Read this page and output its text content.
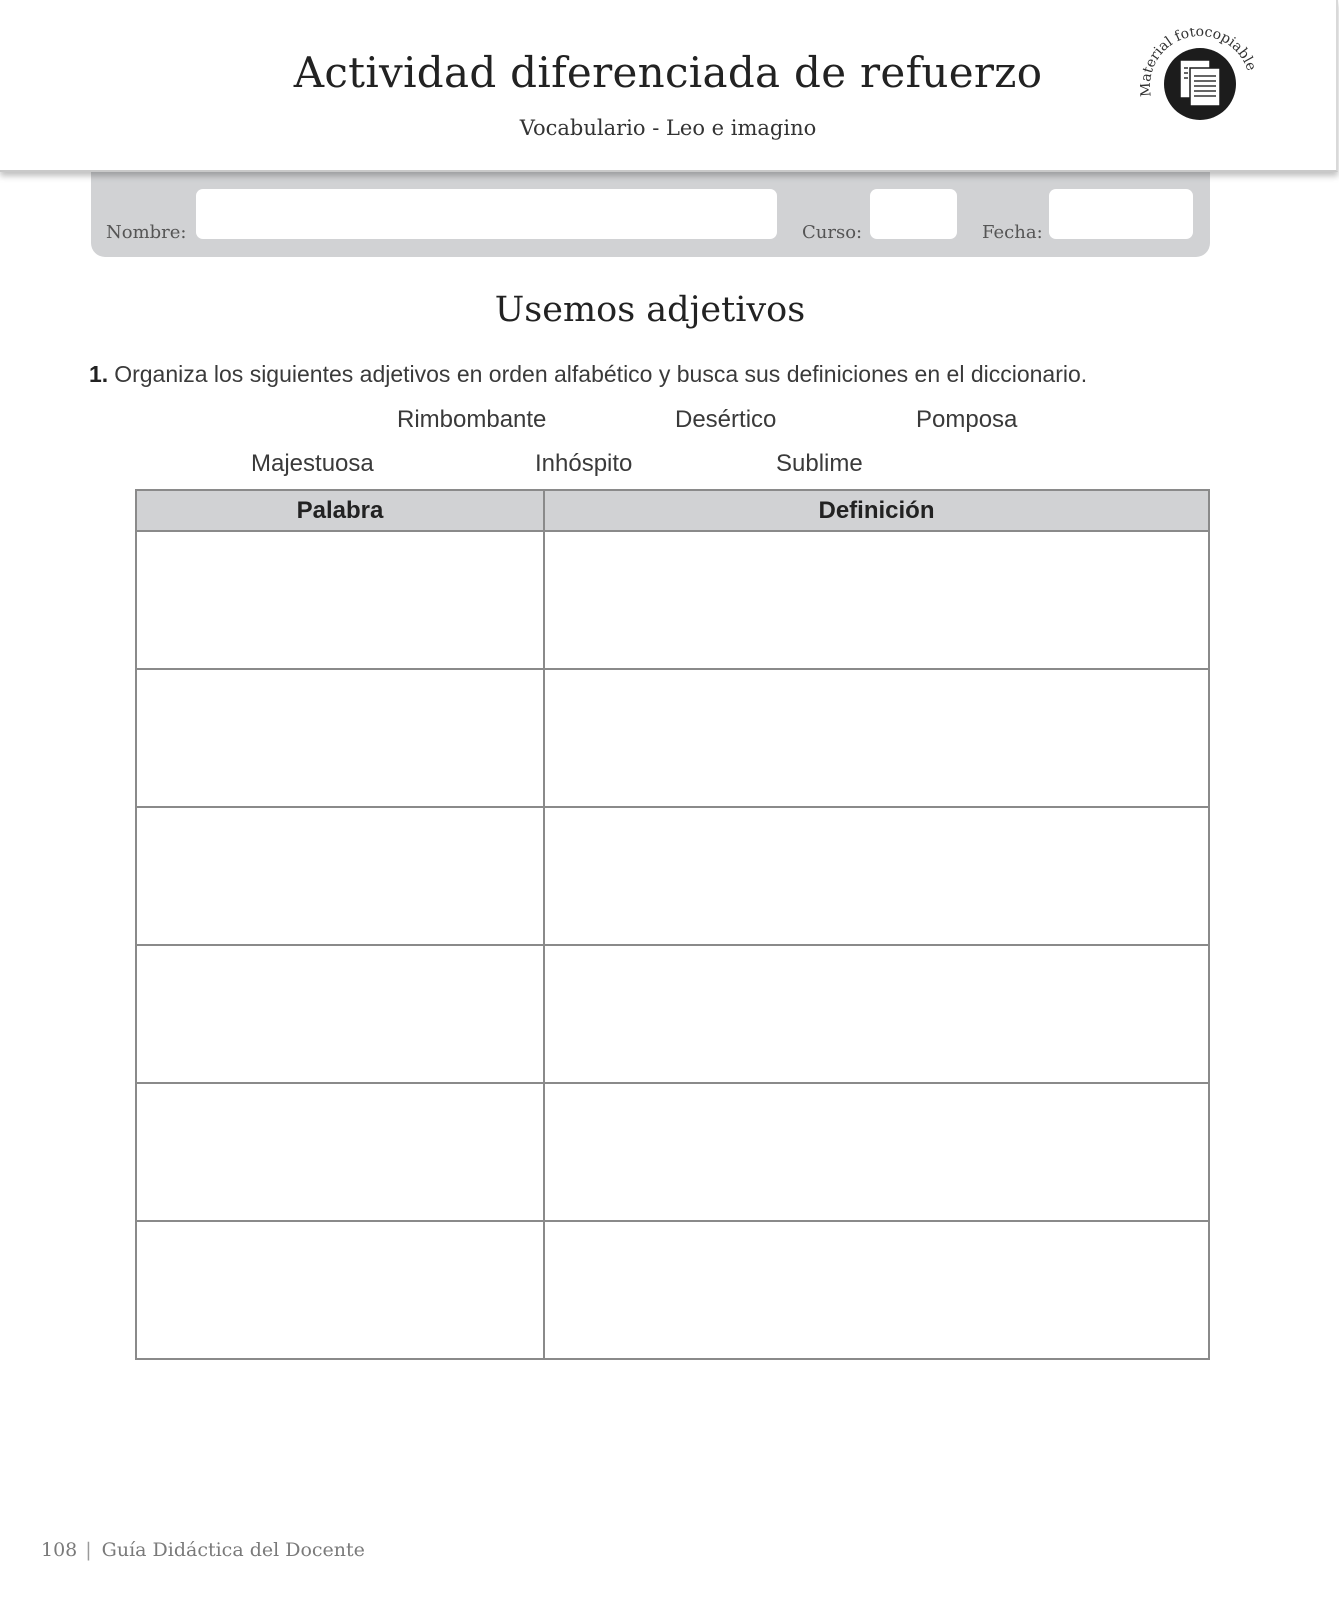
Actividad diferenciada de refuerzo
Vocabulario - Leo e imagino
terial fotocopiable
Nombre:	Curso:	Fecha:
Usemos adjetivos
1. Organiza los siguientes adjetivos en orden alfabético y busca sus definiciones en el diccionario.
Rimbombante	Desértico	Pomposa
Majestuosa	Inhóspito	Sublime
Palabra	Definición

108 | Guía Didáctica del Docente
